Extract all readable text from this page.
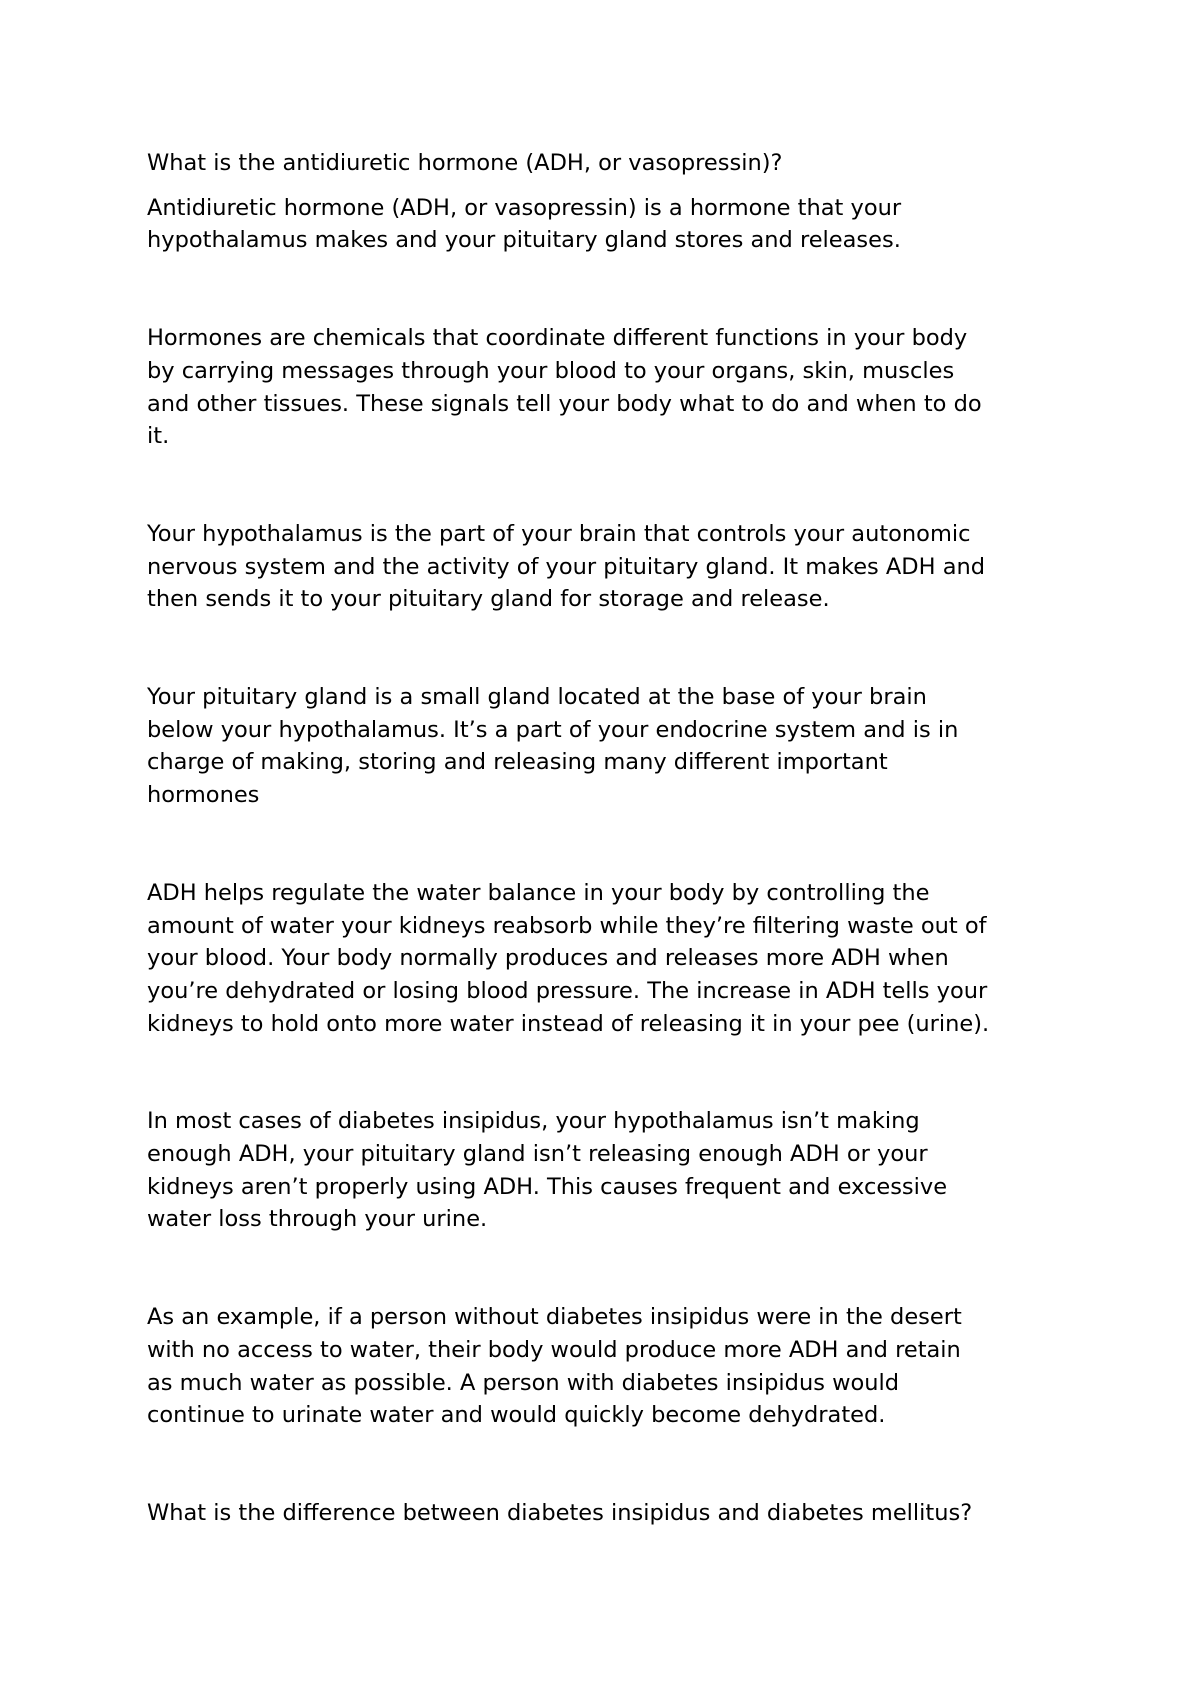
What is the antidiuretic hormone (ADH, or vasopressin)?

Antidiuretic hormone (ADH, or vasopressin) is a hormone that your
hypothalamus makes and your pituitary gland stores and releases.

Hormones are chemicals that coordinate different functions in your body
by carrying messages through your blood to your organs, skin, muscles
and other tissues. These signals tell your body what to do and when to do
it.

Your hypothalamus is the part of your brain that controls your autonomic
nervous system and the activity of your pituitary gland. It makes ADH and
then sends it to your pituitary gland for storage and release.

Your pituitary gland is a small gland located at the base of your brain
below your hypothalamus. It’s a part of your endocrine system and is in
charge of making, storing and releasing many different important
hormones

ADH helps regulate the water balance in your body by controlling the
amount of water your kidneys reabsorb while they’re filtering waste out of
your blood. Your body normally produces and releases more ADH when
you’re dehydrated or losing blood pressure. The increase in ADH tells your
kidneys to hold onto more water instead of releasing it in your pee (urine).

In most cases of diabetes insipidus, your hypothalamus isn’t making
enough ADH, your pituitary gland isn’t releasing enough ADH or your
kidneys aren’t properly using ADH. This causes frequent and excessive
water loss through your urine.

As an example, if a person without diabetes insipidus were in the desert
with no access to water, their body would produce more ADH and retain
as much water as possible. A person with diabetes insipidus would
continue to urinate water and would quickly become dehydrated.

What is the difference between diabetes insipidus and diabetes mellitus?
